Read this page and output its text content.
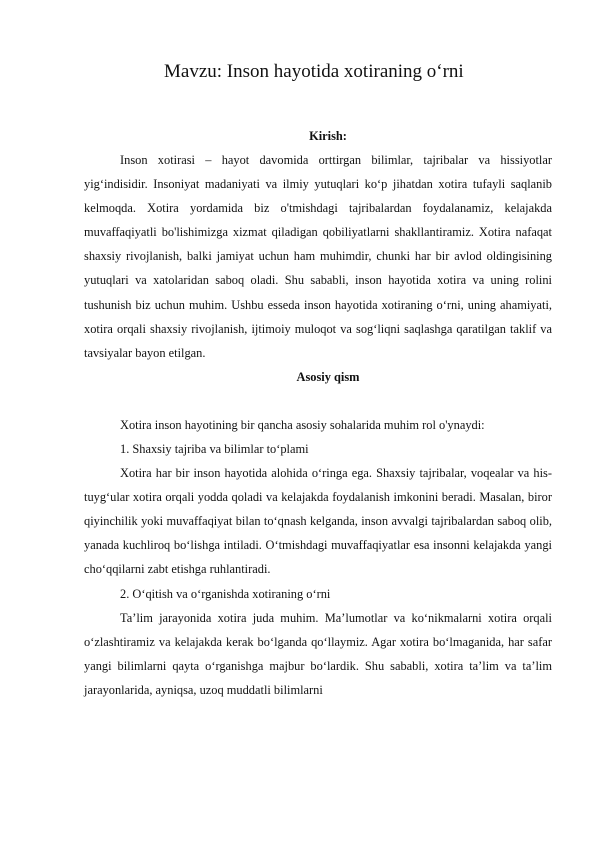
Mavzu: Inson hayotida xotiraning o‘rni
Kirish:

Inson xotirasi – hayot davomida orttirgan bilimlar, tajribalar va hissiyotlar yig‘indisidir. Insoniyat madaniyati va ilmiy yutuqlari ko‘p jihatdan xotira tufayli saqlanib kelmoqda. Xotira yordamida biz o'tmishdagi tajribalardan foydalanamiz, kelajakda muvaffaqiyatli bo'lishimizga xizmat qiladigan qobiliyatlarni shakllantiramiz. Xotira nafaqat shaxsiy rivojlanish, balki jamiyat uchun ham muhimdir, chunki har bir avlod oldingisining yutuqlari va xatolaridan saboq oladi. Shu sababli, inson hayotida xotira va uning rolini tushunish biz uchun muhim. Ushbu esseda inson hayotida xotiraning o‘rni, uning ahamiyati, xotira orqali shaxsiy rivojlanish, ijtimoiy muloqot va sog‘liqni saqlashga qaratilgan taklif va tavsiyalar bayon etilgan.

Asosiy qism

Xotira inson hayotining bir qancha asosiy sohalarida muhim rol o'ynaydi:

1. Shaxsiy tajriba va bilimlar to‘plami

Xotira har bir inson hayotida alohida o‘ringa ega. Shaxsiy tajribalar, voqealar va his-tuyg‘ular xotira orqali yodda qoladi va kelajakda foydalanish imkonini beradi. Masalan, biror qiyinchilik yoki muvaffaqiyat bilan to‘qnash kelganda, inson avvalgi tajribalardan saboq olib, yanada kuchliroq bo‘lishga intiladi. O‘tmishdagi muvaffaqiyatlar esa insonni kelajakda yangi cho‘qqilarni zabt etishga ruhlantiradi.

2. O‘qitish va o‘rganishda xotiraning o‘rni

Ta’lim jarayonida xotira juda muhim. Ma’lumotlar va ko‘nikmalarni xotira orqali o‘zlashtiramiz va kelajakda kerak bo‘lganda qo‘llaymiz. Agar xotira bo‘lmaganida, har safar yangi bilimlarni qayta o‘rganishga majbur bo‘lardik. Shu sababli, xotira ta’lim va ta’lim jarayonlarida, ayniqsa, uzoq muddatli bilimlarni
